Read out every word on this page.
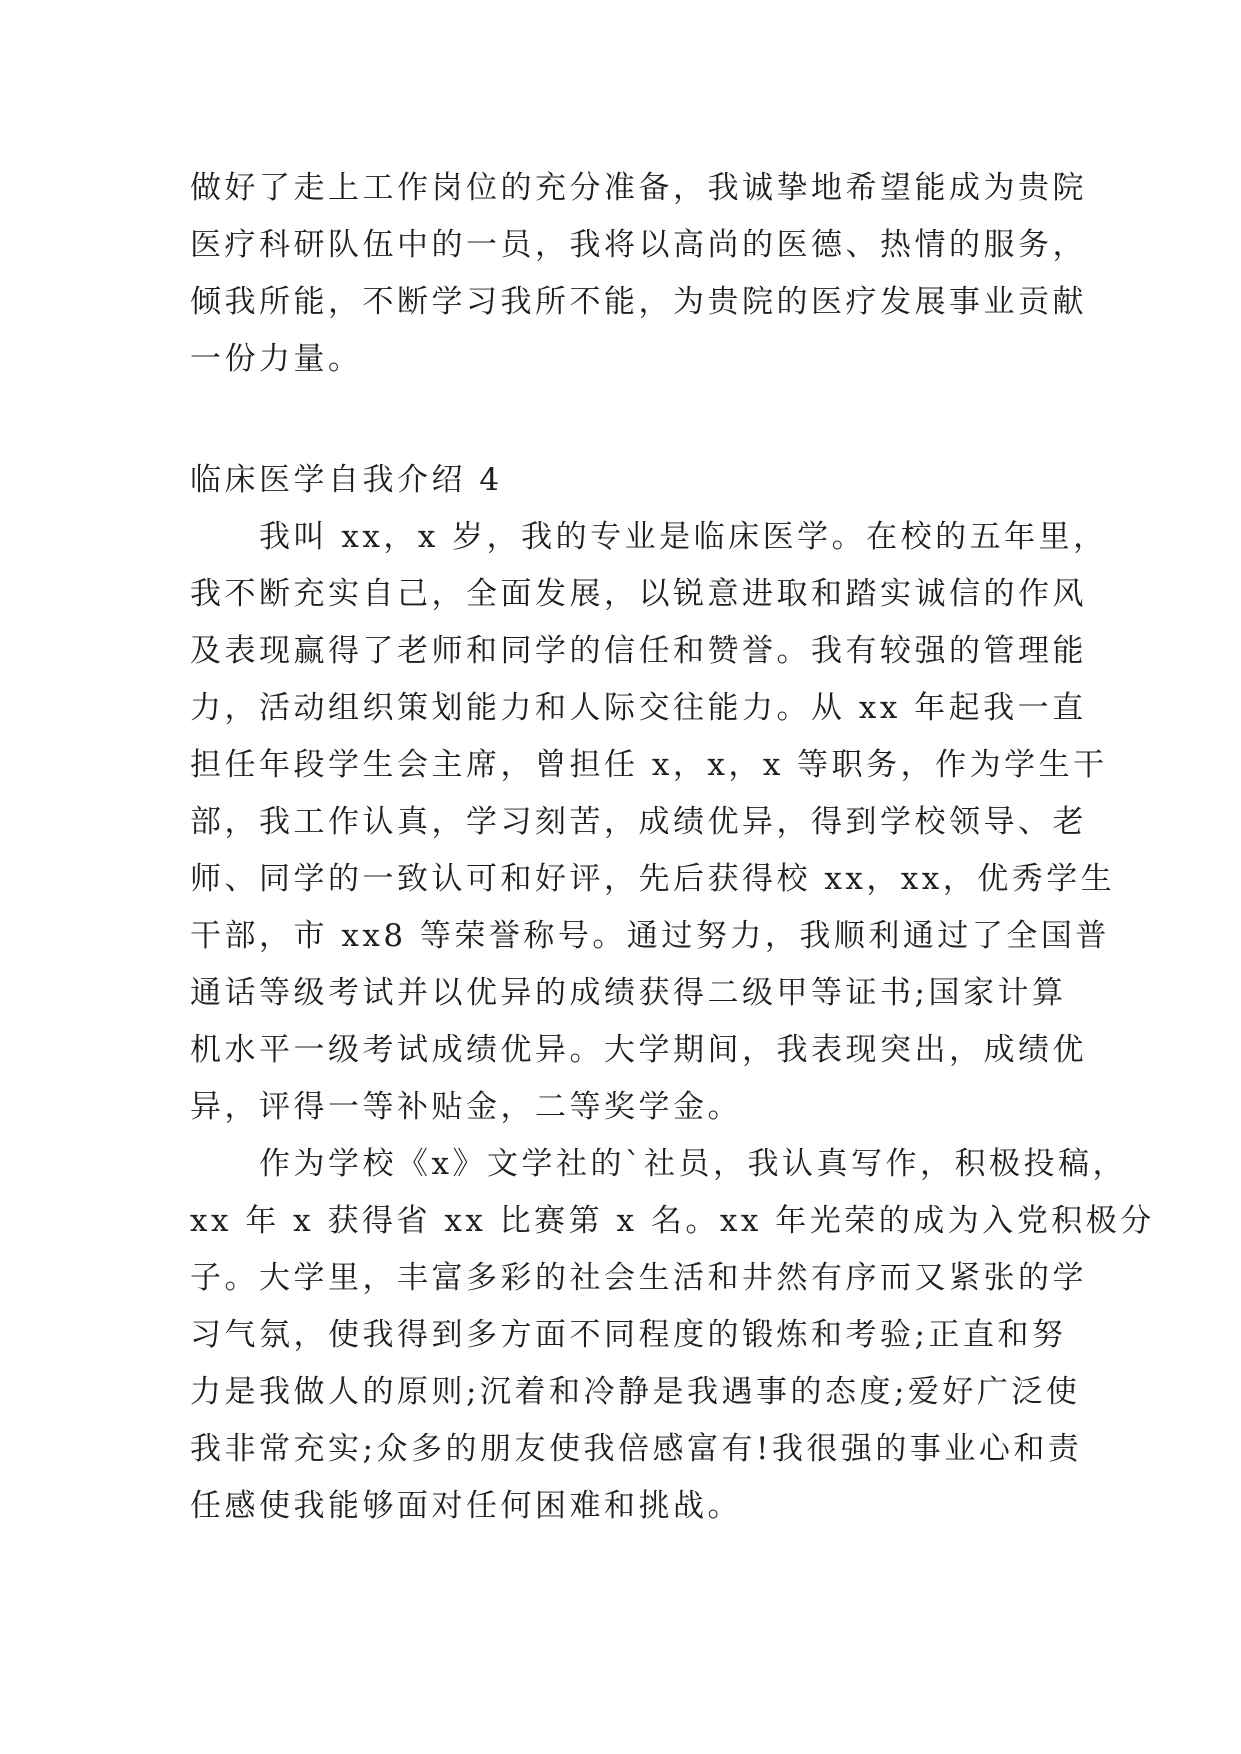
做好了走上工作岗位的充分准备，我诚挚地希望能成为贵院
医疗科研队伍中的一员，我将以高尚的医德、热情的服务，
倾我所能，不断学习我所不能，为贵院的医疗发展事业贡献
一份力量。
临床医学自我介绍 4
　　我叫 xx，x 岁，我的专业是临床医学。在校的五年里，
我不断充实自己，全面发展，以锐意进取和踏实诚信的作风
及表现赢得了老师和同学的信任和赞誉。我有较强的管理能
力，活动组织策划能力和人际交往能力。从 xx 年起我一直
担任年段学生会主席，曾担任 x，x，x 等职务，作为学生干
部，我工作认真，学习刻苦，成绩优异，得到学校领导、老
师、同学的一致认可和好评，先后获得校 xx，xx，优秀学生
干部，市 xx8 等荣誉称号。通过努力，我顺利通过了全国普
通话等级考试并以优异的成绩获得二级甲等证书;国家计算
机水平一级考试成绩优异。大学期间，我表现突出，成绩优
异，评得一等补贴金，二等奖学金。
　　作为学校《x》文学社的`社员，我认真写作，积极投稿，
xx 年 x 获得省 xx 比赛第 x 名。xx 年光荣的成为入党积极分
子。大学里，丰富多彩的社会生活和井然有序而又紧张的学
习气氛，使我得到多方面不同程度的锻炼和考验;正直和努
力是我做人的原则;沉着和冷静是我遇事的态度;爱好广泛使
我非常充实;众多的朋友使我倍感富有!我很强的事业心和责
任感使我能够面对任何困难和挑战。
